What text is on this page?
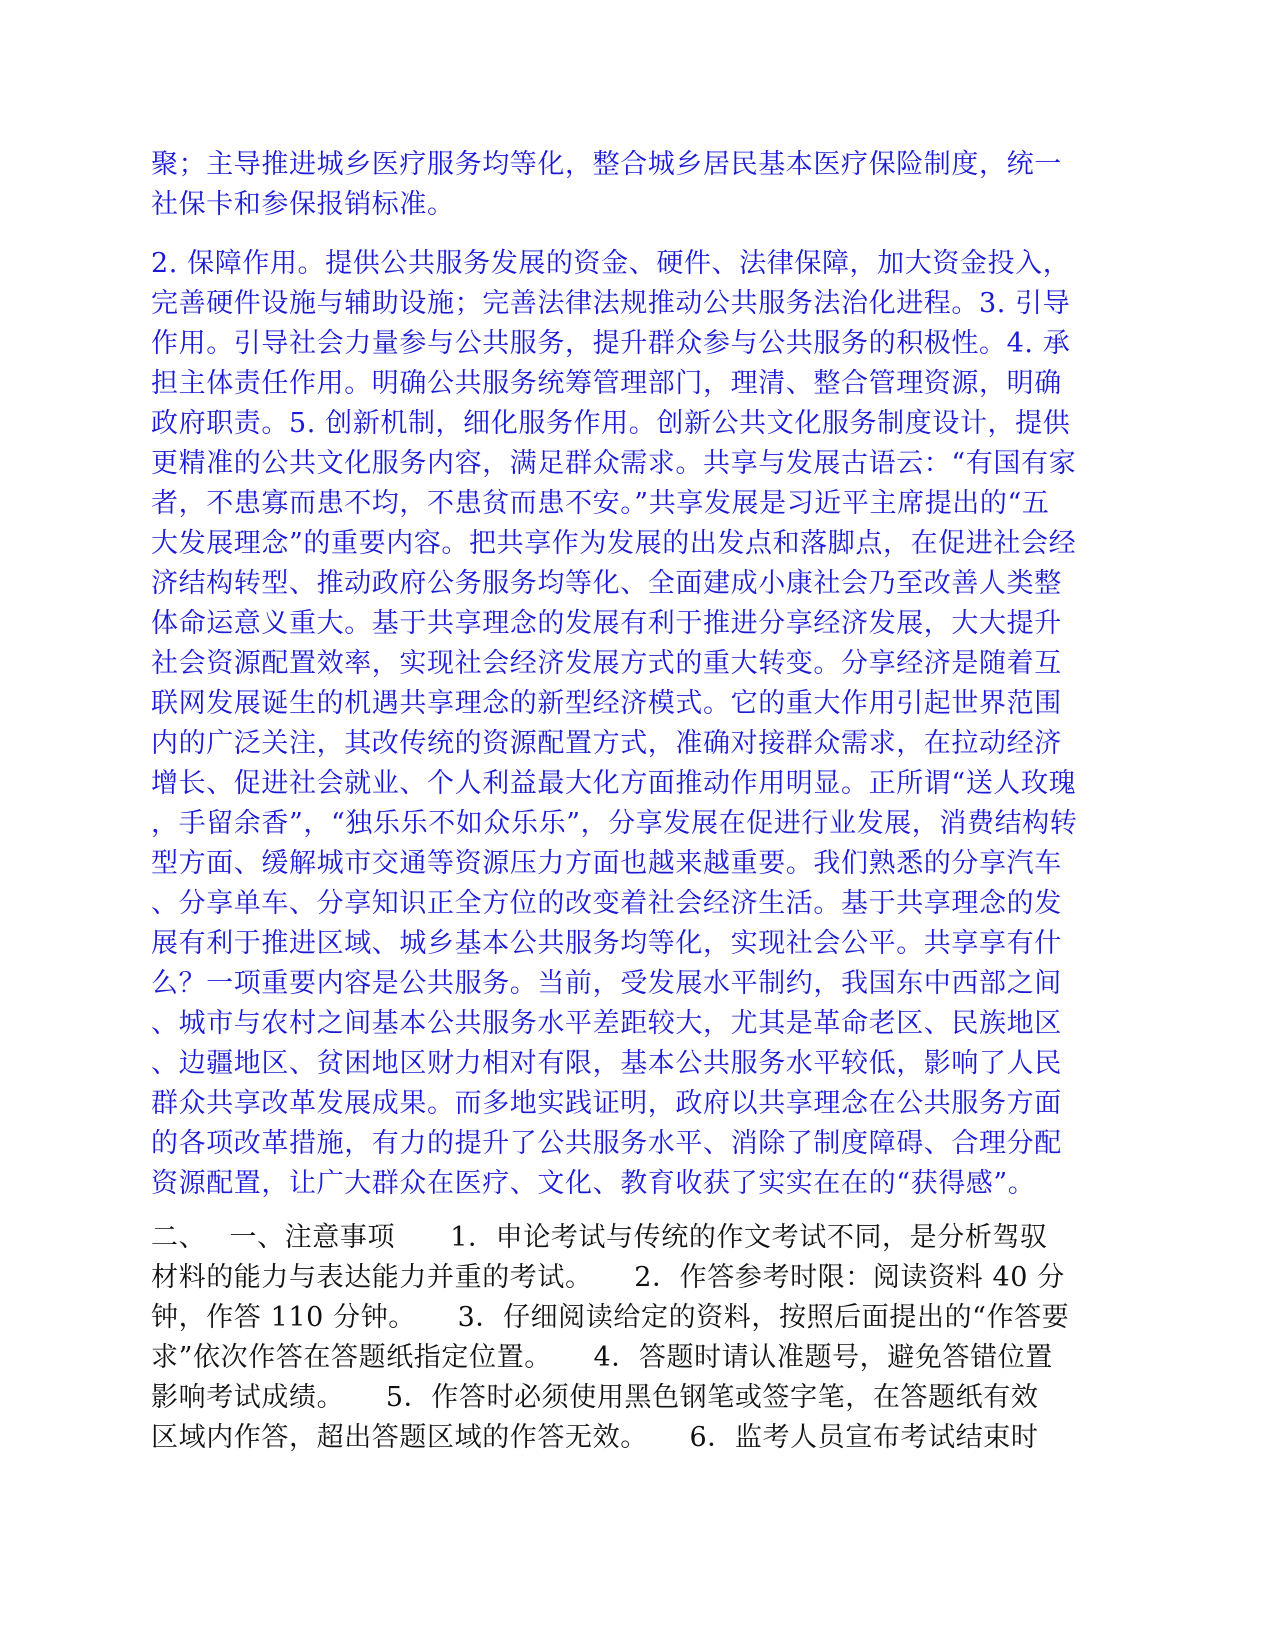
聚；主导推进城乡医疗服务均等化，整合城乡居民基本医疗保险制度，统一
社保卡和参保报销标准。

2. 保障作用。提供公共服务发展的资金、硬件、法律保障，加大资金投入，
完善硬件设施与辅助设施；完善法律法规推动公共服务法治化进程。3. 引导
作用。引导社会力量参与公共服务，提升群众参与公共服务的积极性。4. 承
担主体责任作用。明确公共服务统筹管理部门，理清、整合管理资源，明确
政府职责。5. 创新机制，细化服务作用。创新公共文化服务制度设计，提供
更精准的公共文化服务内容，满足群众需求。共享与发展古语云：“有国有家
者，不患寡而患不均，不患贫而患不安。”共享发展是习近平主席提出的“五
大发展理念”的重要内容。把共享作为发展的出发点和落脚点，在促进社会经
济结构转型、推动政府公务服务均等化、全面建成小康社会乃至改善人类整
体命运意义重大。基于共享理念的发展有利于推进分享经济发展，大大提升
社会资源配置效率，实现社会经济发展方式的重大转变。分享经济是随着互
联网发展诞生的机遇共享理念的新型经济模式。它的重大作用引起世界范围
内的广泛关注，其改传统的资源配置方式，准确对接群众需求，在拉动经济
增长、促进社会就业、个人利益最大化方面推动作用明显。正所谓“送人玫瑰
，手留余香”，“独乐乐不如众乐乐”，分享发展在促进行业发展，消费结构转
型方面、缓解城市交通等资源压力方面也越来越重要。我们熟悉的分享汽车
、分享单车、分享知识正全方位的改变着社会经济生活。基于共享理念的发
展有利于推进区域、城乡基本公共服务均等化，实现社会公平。共享享有什
么？一项重要内容是公共服务。当前，受发展水平制约，我国东中西部之间
、城市与农村之间基本公共服务水平差距较大，尤其是革命老区、民族地区
、边疆地区、贫困地区财力相对有限，基本公共服务水平较低，影响了人民
群众共享改革发展成果。而多地实践证明，政府以共享理念在公共服务方面
的各项改革措施，有力的提升了公共服务水平、消除了制度障碍、合理分配
资源配置，让广大群众在医疗、文化、教育收获了实实在在的“获得感”。

二、　 一、注意事项　　1．申论考试与传统的作文考试不同，是分析驾驭
材料的能力与表达能力并重的考试。　　2．作答参考时限：阅读资料 40 分
钟，作答 110 分钟。　　3．仔细阅读给定的资料，按照后面提出的“作答要
求”依次作答在答题纸指定位置。　　4．答题时请认准题号，避免答错位置
影响考试成绩。　　5．作答时必须使用黑色钢笔或签字笔，在答题纸有效
区域内作答，超出答题区域的作答无效。　　6．监考人员宣布考试结束时
